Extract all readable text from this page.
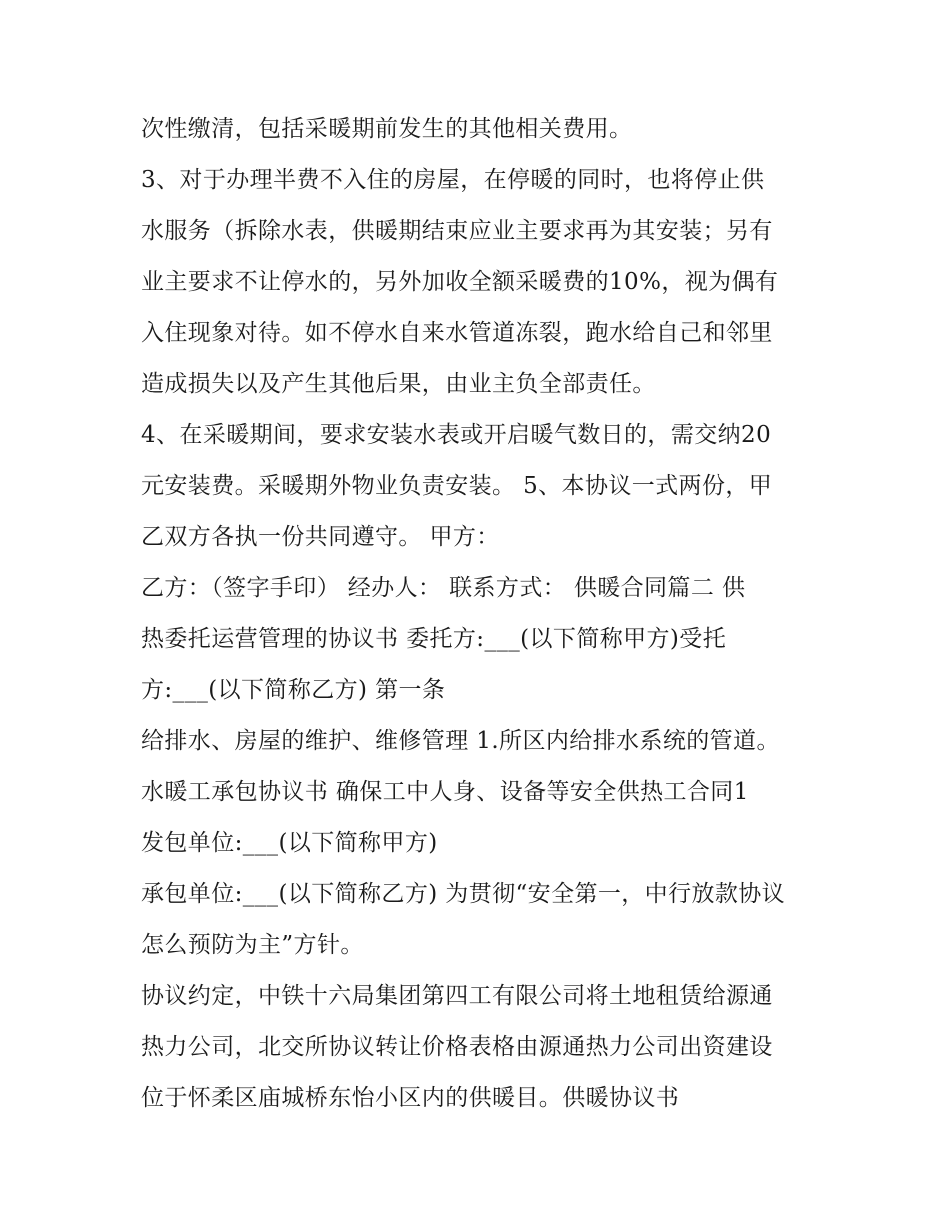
次性缴清，包括采暖期前发生的其他相关费用。
3、对于办理半费不入住的房屋，在停暖的同时，也将停止供
水服务（拆除水表，供暖期结束应业主要求再为其安装；另有
业主要求不让停水的，另外加收全额采暖费的10%，视为偶有
入住现象对待。如不停水自来水管道冻裂，跑水给自己和邻里
造成损失以及产生其他后果，由业主负全部责任。
4、在采暖期间，要求安装水表或开启暖气数日的，需交纳20
元安装费。采暖期外物业负责安装。 5、本协议一式两份，甲
乙双方各执一份共同遵守。 甲方：
乙方：（签字手印） 经办人： 联系方式： 供暖合同篇二 供
热委托运营管理的协议书 委托方:___(以下简称甲方)受托
方:___(以下简称乙方) 第一条
给排水、房屋的维护、维修管理 1.所区内给排水系统的管道。
水暖工承包协议书 确保工中人身、设备等安全供热工合同1
发包单位:___(以下简称甲方)
承包单位:___(以下简称乙方) 为贯彻“安全第一，中行放款协议
怎么预防为主”方针。
协议约定，中铁十六局集团第四工有限公司将土地租赁给源通
热力公司，北交所协议转让价格表格由源通热力公司出资建设
位于怀柔区庙城桥东怡小区内的供暖目。供暖协议书
